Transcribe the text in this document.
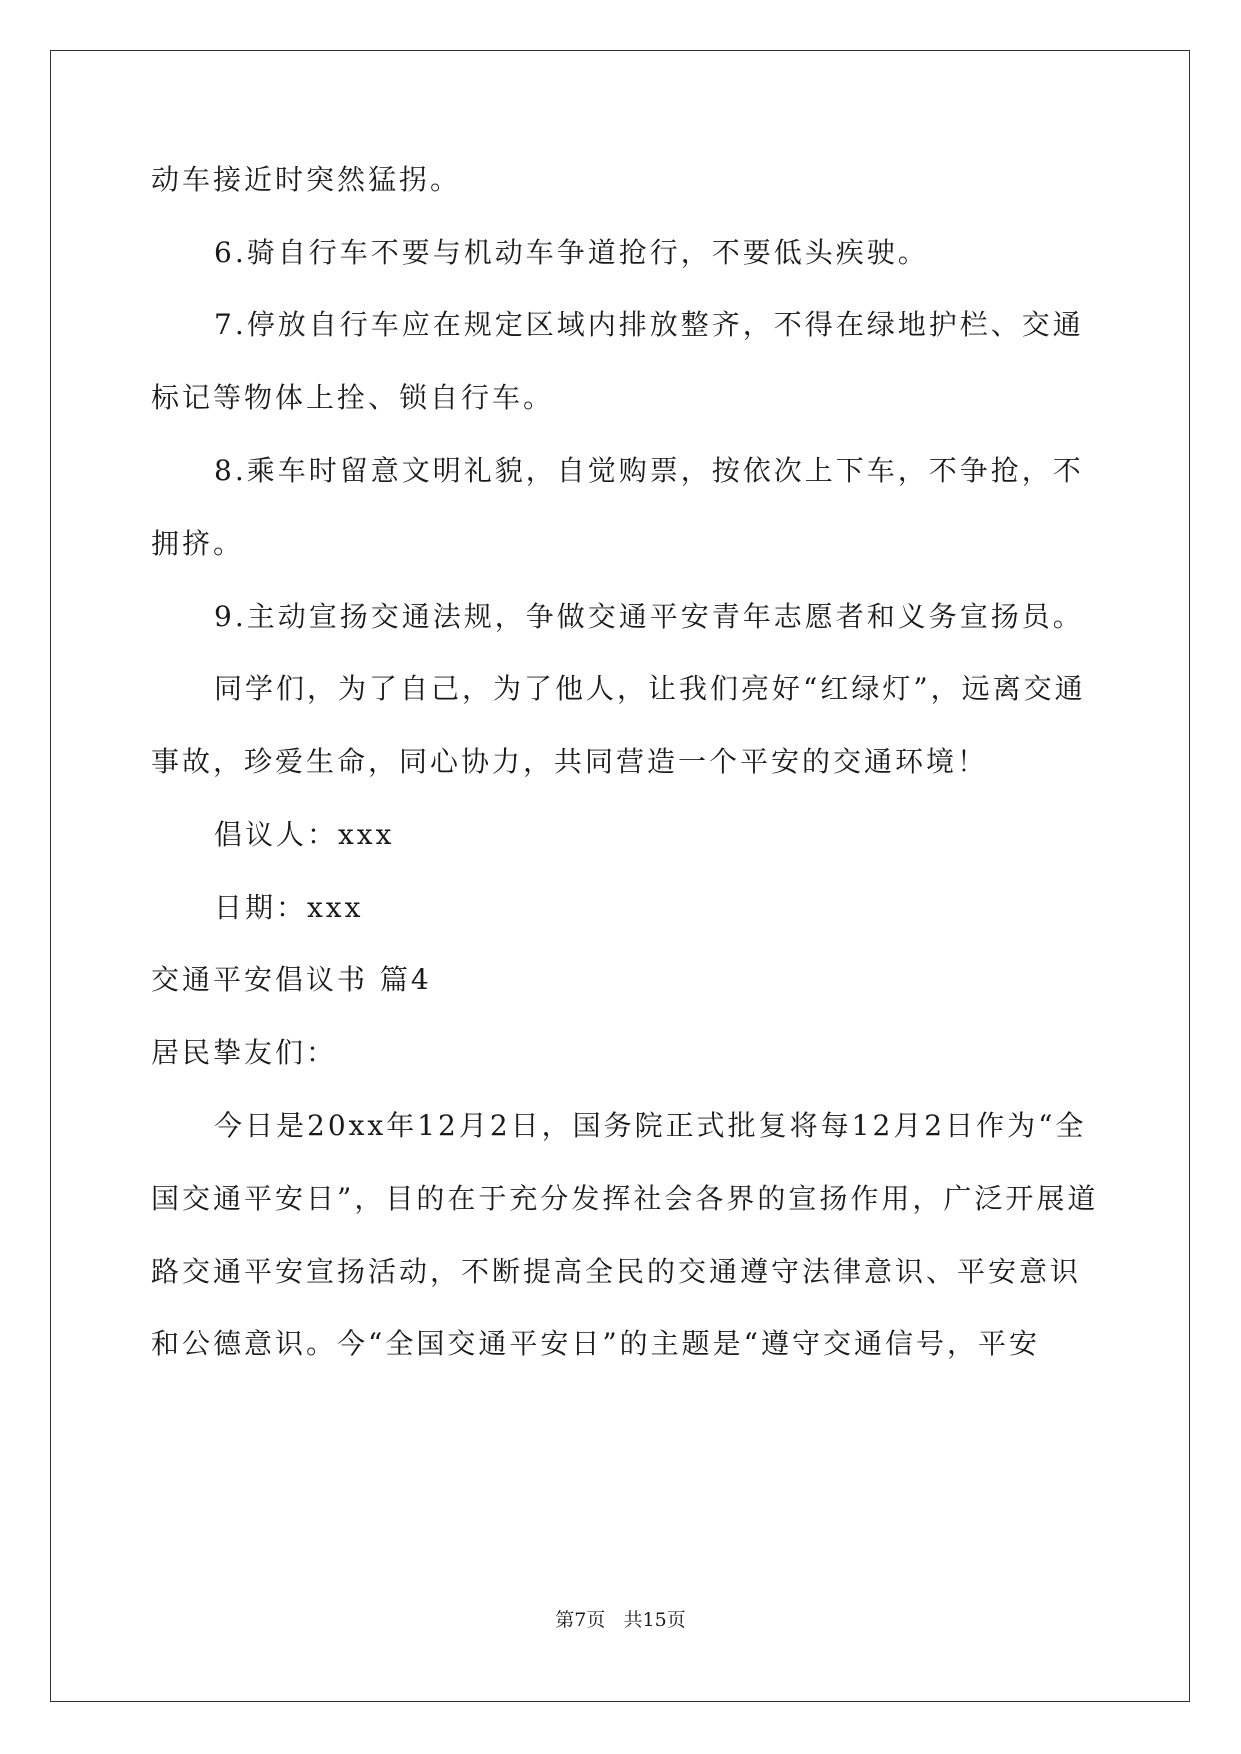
动车接近时突然猛拐。
6.骑自行车不要与机动车争道抢行，不要低头疾驶。
7.停放自行车应在规定区域内排放整齐，不得在绿地护栏、交通
标记等物体上拴、锁自行车。
8.乘车时留意文明礼貌，自觉购票，按依次上下车，不争抢，不
拥挤。
9.主动宣扬交通法规，争做交通平安青年志愿者和义务宣扬员。
同学们，为了自己，为了他人，让我们亮好“红绿灯”，远离交通
事故，珍爱生命，同心协力，共同营造一个平安的交通环境！
倡议人：xxx
日期：xxx
交通平安倡议书 篇4
居民挚友们：
今日是20xx年12月2日，国务院正式批复将每12月2日作为“全
国交通平安日”，目的在于充分发挥社会各界的宣扬作用，广泛开展道
路交通平安宣扬活动，不断提高全民的交通遵守法律意识、平安意识
和公德意识。今“全国交通平安日”的主题是“遵守交通信号，平安
第7页 共15页
